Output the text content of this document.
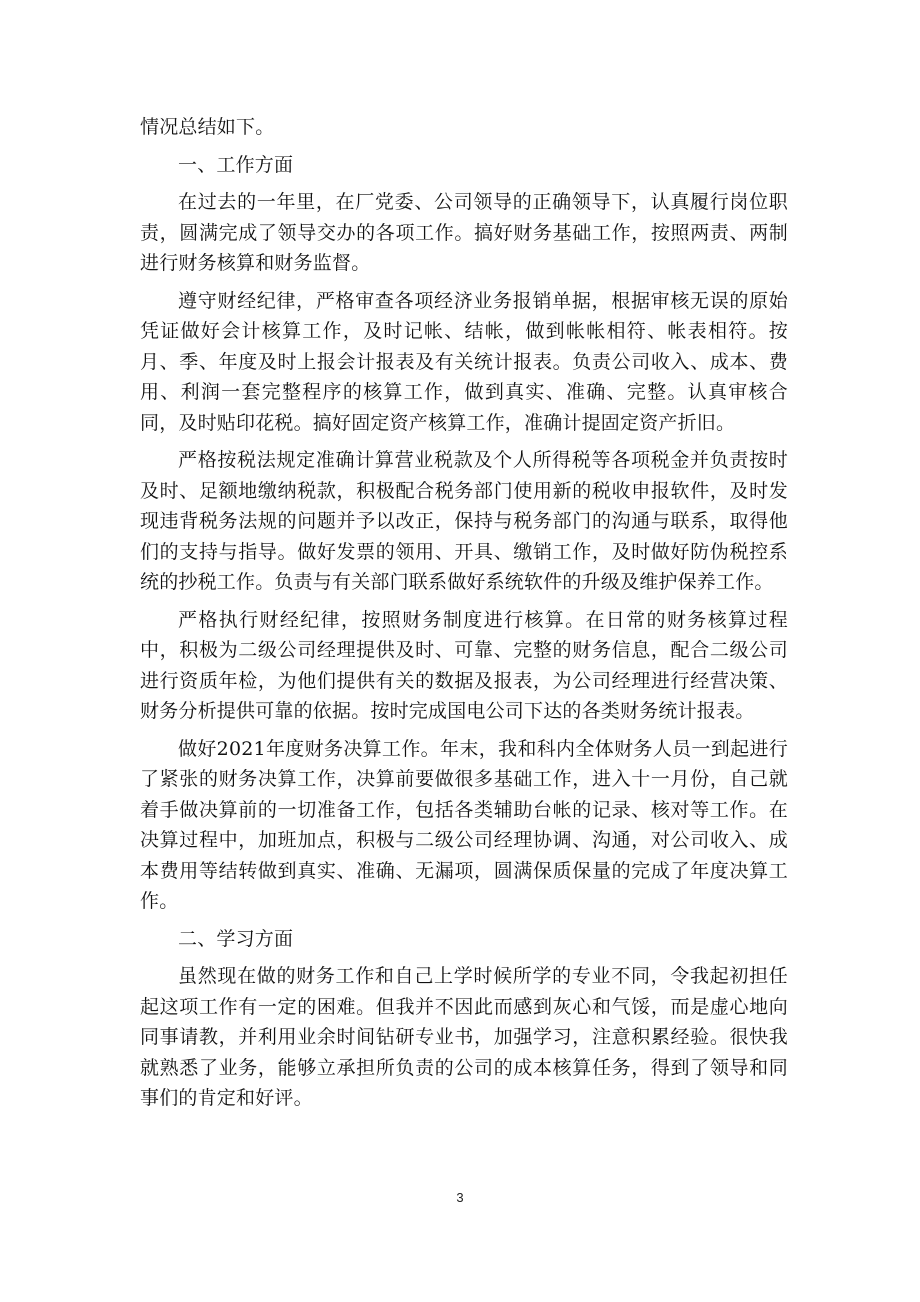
情况总结如下。

一、工作方面

在过去的一年里，在厂党委、公司领导的正确领导下，认真履行岗位职责，圆满完成了领导交办的各项工作。搞好财务基础工作，按照两责、两制进行财务核算和财务监督。

遵守财经纪律，严格审查各项经济业务报销单据，根据审核无误的原始凭证做好会计核算工作，及时记帐、结帐，做到帐帐相符、帐表相符。按月、季、年度及时上报会计报表及有关统计报表。负责公司收入、成本、费用、利润一套完整程序的核算工作，做到真实、准确、完整。认真审核合同，及时贴印花税。搞好固定资产核算工作，准确计提固定资产折旧。

严格按税法规定准确计算营业税款及个人所得税等各项税金并负责按时及时、足额地缴纳税款，积极配合税务部门使用新的税收申报软件，及时发现违背税务法规的问题并予以改正，保持与税务部门的沟通与联系，取得他们的支持与指导。做好发票的领用、开具、缴销工作，及时做好防伪税控系统的抄税工作。负责与有关部门联系做好系统软件的升级及维护保养工作。

严格执行财经纪律，按照财务制度进行核算。在日常的财务核算过程中，积极为二级公司经理提供及时、可靠、完整的财务信息，配合二级公司进行资质年检，为他们提供有关的数据及报表，为公司经理进行经营决策、财务分析提供可靠的依据。按时完成国电公司下达的各类财务统计报表。

做好2021年度财务决算工作。年末，我和科内全体财务人员一到起进行了紧张的财务决算工作，决算前要做很多基础工作，进入十一月份，自己就着手做决算前的一切准备工作，包括各类辅助台帐的记录、核对等工作。在决算过程中，加班加点，积极与二级公司经理协调、沟通，对公司收入、成本费用等结转做到真实、准确、无漏项，圆满保质保量的完成了年度决算工作。

二、学习方面

虽然现在做的财务工作和自己上学时候所学的专业不同，令我起初担任起这项工作有一定的困难。但我并不因此而感到灰心和气馁，而是虚心地向同事请教，并利用业余时间钻研专业书，加强学习，注意积累经验。很快我就熟悉了业务，能够立承担所负责的公司的成本核算任务，得到了领导和同事们的肯定和好评。

3
